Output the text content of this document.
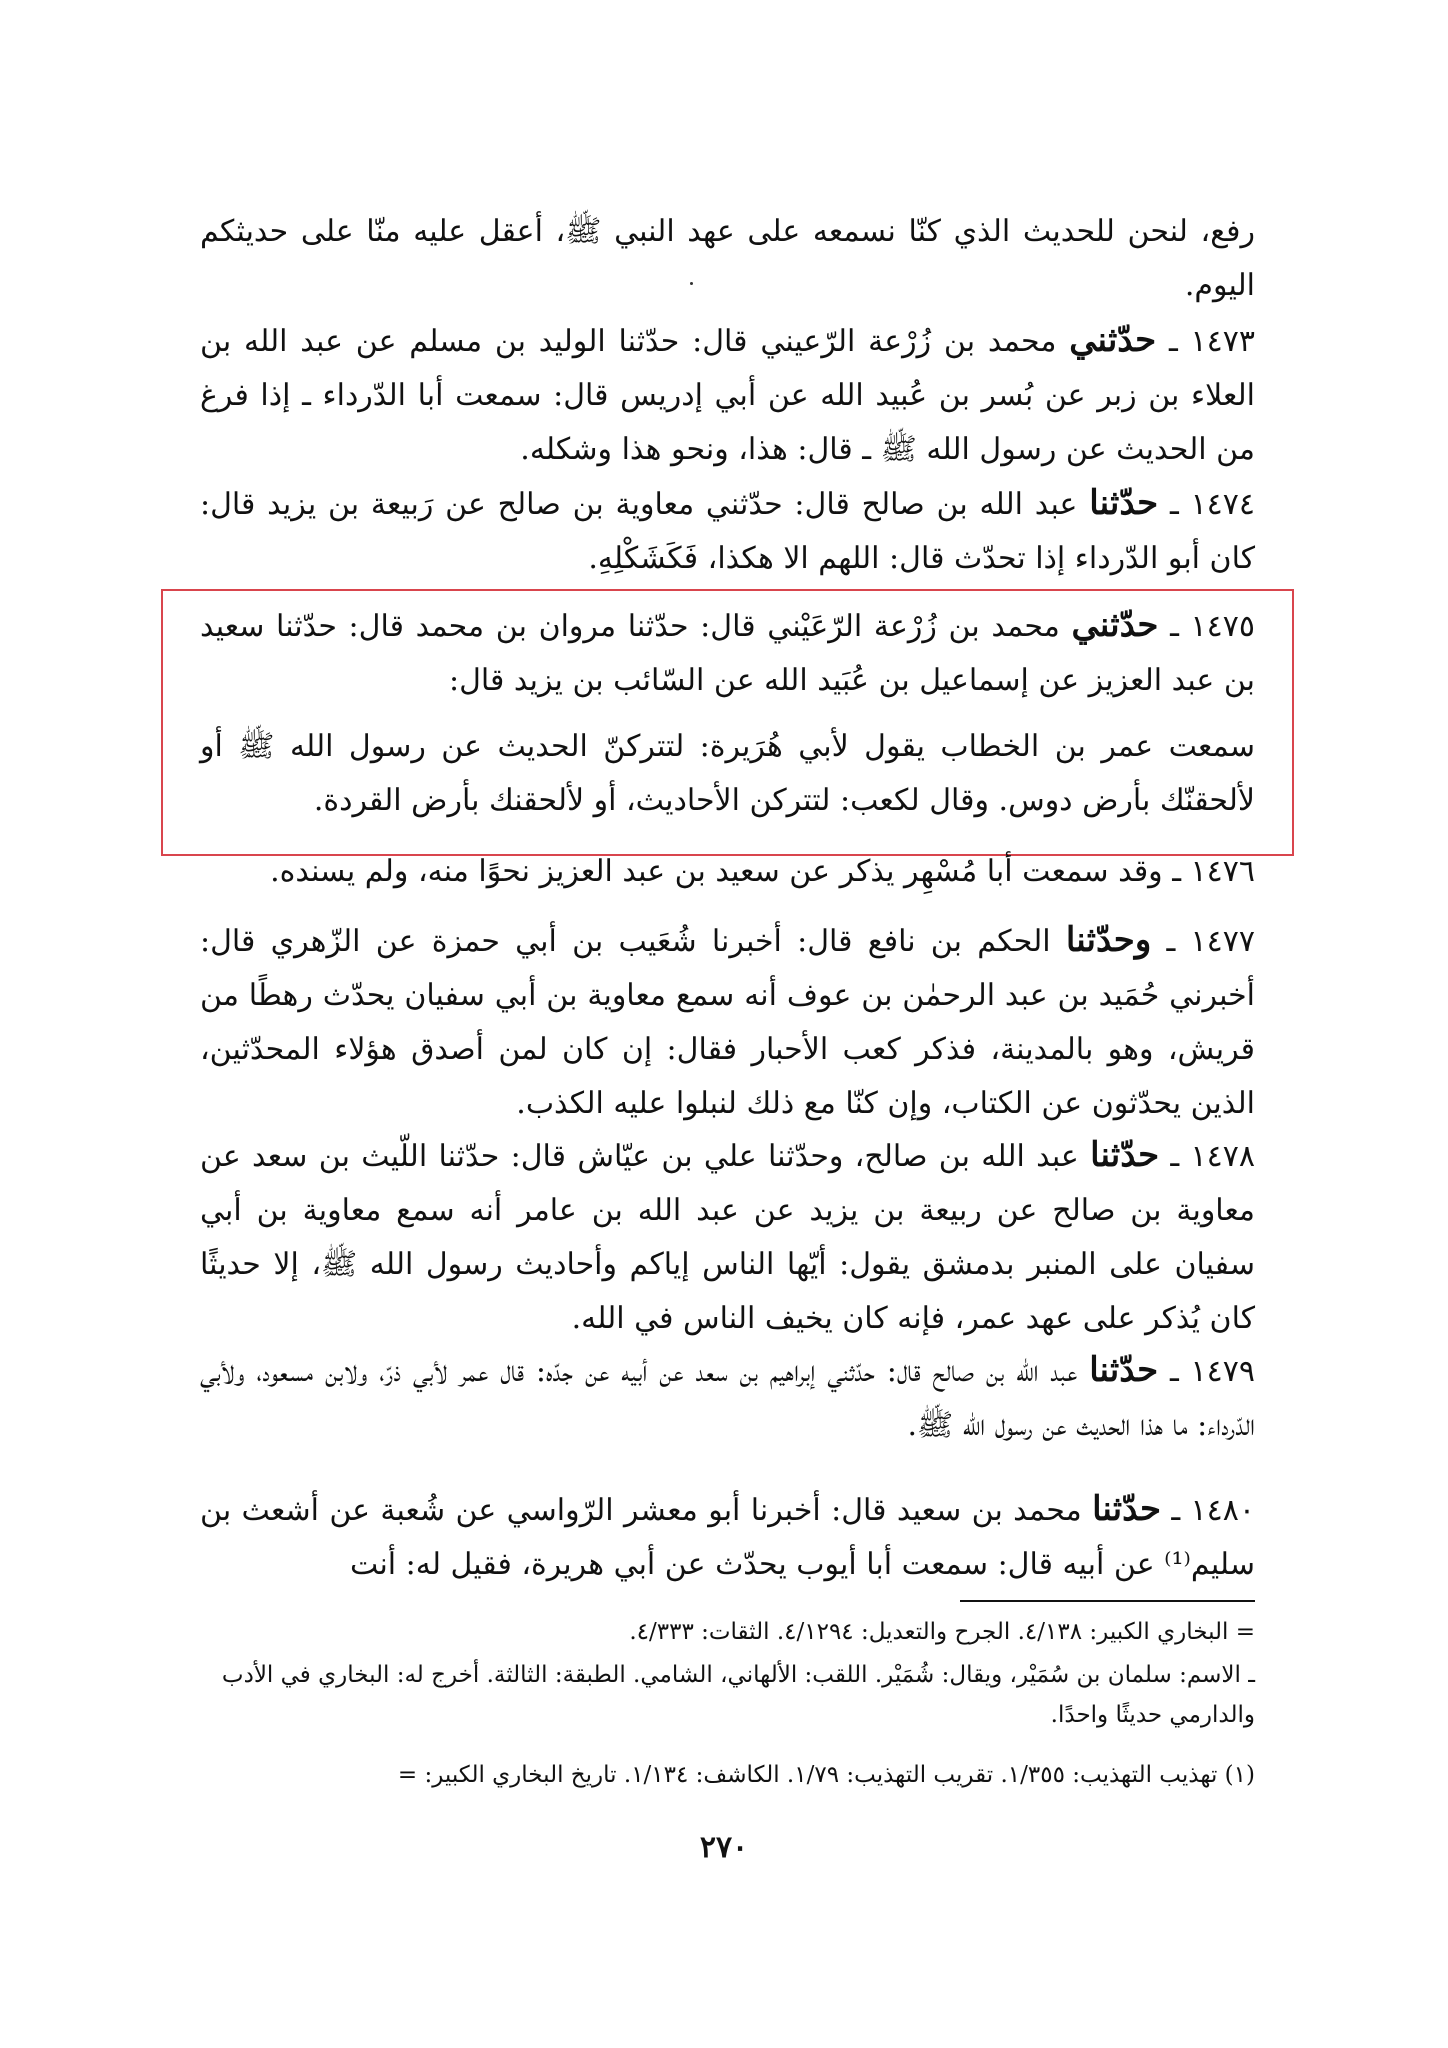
رفع، لنحن للحديث الذي كنّا نسمعه على عهد النبي ﷺ، أعقل عليه منّا على حديثكم اليوم.

١٤٧٣ ـ حدّثني محمد بن زُرْعة الرّعيني قال: حدّثنا الوليد بن مسلم عن عبد الله بن العلاء بن زبر عن بُسر بن عُبيد الله عن أبي إدريس قال: سمعت أبا الدّرداء ـ إذا فرغ من الحديث عن رسول الله ﷺ ـ قال: هذا، ونحو هذا وشكله.

١٤٧٤ ـ حدّثنا عبد الله بن صالح قال: حدّثني معاوية بن صالح عن رَبيعة بن يزيد قال: كان أبو الدّرداء إذا تحدّث قال: اللهم الا هكذا، فَكَشَكْلِهِ.

١٤٧٥ ـ حدّثني محمد بن زُرْعة الرّعَيْني قال: حدّثنا مروان بن محمد قال: حدّثنا سعيد بن عبد العزيز عن إسماعيل بن عُبَيد الله عن السّائب بن يزيد قال:

سمعت عمر بن الخطاب يقول لأبي هُرَيرة: لتتركنّ الحديث عن رسول الله ﷺ أو لألحقنّك بأرض دوس. وقال لكعب: لتتركن الأحاديث، أو لألحقنك بأرض القردة.

١٤٧٦ ـ وقد سمعت أبا مُسْهِر يذكر عن سعيد بن عبد العزيز نحوًا منه، ولم يسنده.

١٤٧٧ ـ وحدّثنا الحكم بن نافع قال: أخبرنا شُعَيب بن أبي حمزة عن الزّهري قال: أخبرني حُمَيد بن عبد الرحمٰن بن عوف أنه سمع معاوية بن أبي سفيان يحدّث رهطًا من قريش، وهو بالمدينة، فذكر كعب الأحبار فقال: إن كان لمن أصدق هؤلاء المحدّثين، الذين يحدّثون عن الكتاب، وإن كنّا مع ذلك لنبلوا عليه الكذب.

١٤٧٨ ـ حدّثنا عبد الله بن صالح، وحدّثنا علي بن عيّاش قال: حدّثنا اللّيث بن سعد عن معاوية بن صالح عن ربيعة بن يزيد عن عبد الله بن عامر أنه سمع معاوية بن أبي سفيان على المنبر بدمشق يقول: أيّها الناس إياكم وأحاديث رسول الله ﷺ، إلا حديثًا كان يُذكر على عهد عمر، فإنه كان يخيف الناس في الله.

١٤٧٩ ـ حدّثنا عبد الله بن صالح قال: حدّثني إبراهيم بن سعد عن أبيه عن جدّه: قال عمر لأبي ذرّ، ولابن مسعود، ولأبي الدّرداء: ما هذا الحديث عن رسول الله ﷺ.

١٤٨٠ ـ حدّثنا محمد بن سعيد قال: أخبرنا أبو معشر الرّواسي عن شُعبة عن أشعث بن سليم⁽¹⁾ عن أبيه قال: سمعت أبا أيوب يحدّث عن أبي هريرة، فقيل له: أنت

= البخاري الكبير: ٤/١٣٨. الجرح والتعديل: ٤/١٢٩٤. الثقات: ٤/٣٣٣.

ـ الاسم: سلمان بن سُمَيْر، ويقال: شُمَيْر. اللقب: الألهاني، الشامي. الطبقة: الثالثة. أخرج له: البخاري في الأدب والدارمي حديثًا واحدًا.

(١) تهذيب التهذيب: ١/٣٥٥. تقريب التهذيب: ١/٧٩. الكاشف: ١/١٣٤. تاريخ البخاري الكبير: =

٢٧٠
